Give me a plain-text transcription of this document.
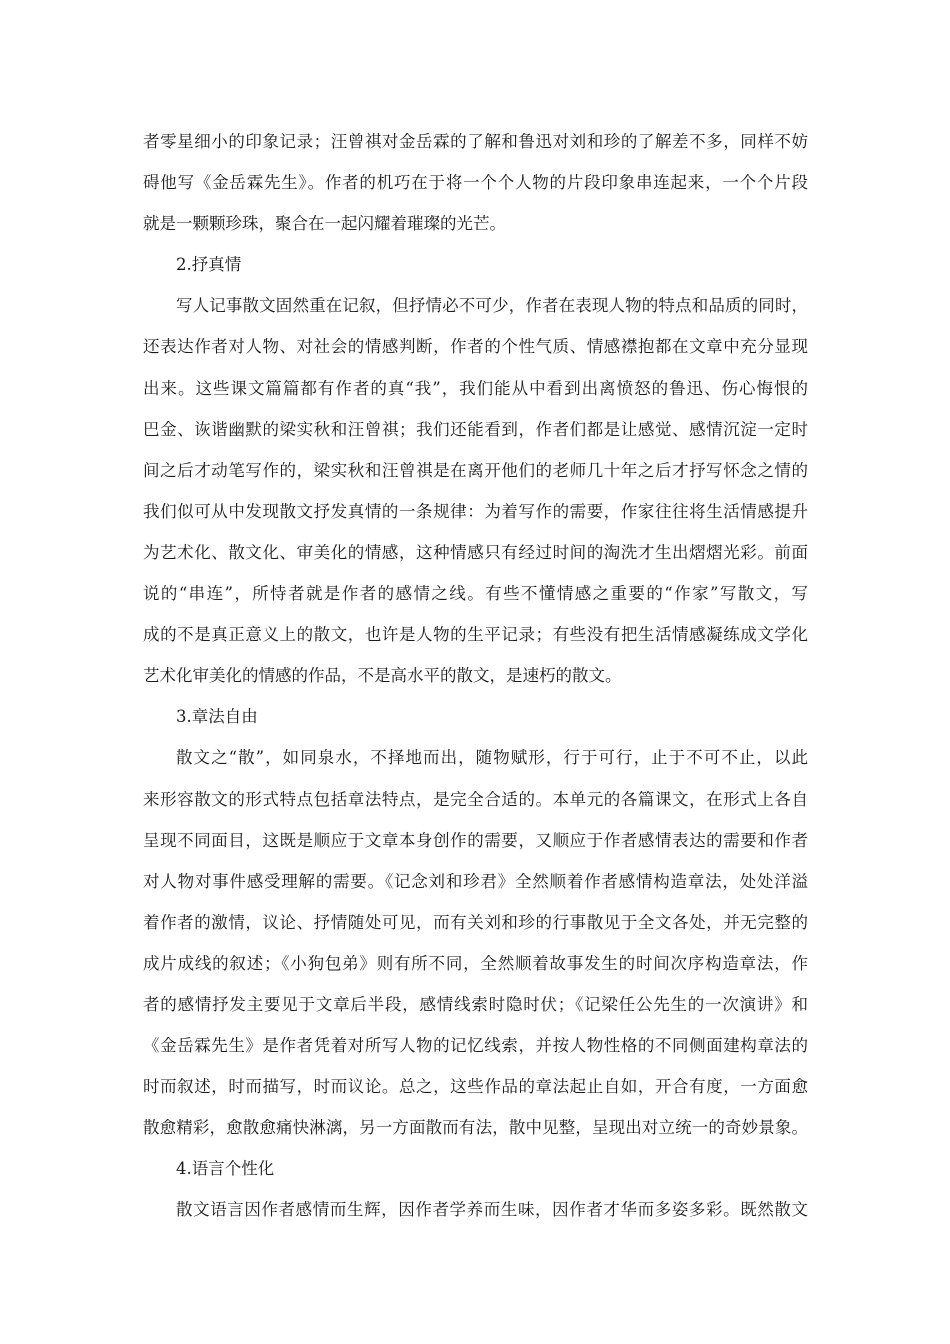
者零星细小的印象记录；汪曾祺对金岳霖的了解和鲁迅对刘和珍的了解差不多，同样不妨
碍他写《金岳霖先生》。作者的机巧在于将一个个人物的片段印象串连起来，一个个片段
就是一颗颗珍珠，聚合在一起闪耀着璀璨的光芒。
2.抒真情
写人记事散文固然重在记叙，但抒情必不可少，作者在表现人物的特点和品质的同时，
还表达作者对人物、对社会的情感判断，作者的个性气质、情感襟抱都在文章中充分显现
出来。这些课文篇篇都有作者的真“我”，我们能从中看到出离愤怒的鲁迅、伤心悔恨的
巴金、诙谐幽默的梁实秋和汪曾祺；我们还能看到，作者们都是让感觉、感情沉淀一定时
间之后才动笔写作的，梁实秋和汪曾祺是在离开他们的老师几十年之后才抒写怀念之情的
我们似可从中发现散文抒发真情的一条规律：为着写作的需要，作家往往将生活情感提升
为艺术化、散文化、审美化的情感，这种情感只有经过时间的淘洗才生出熠熠光彩。前面
说的“串连”，所恃者就是作者的感情之线。有些不懂情感之重要的“作家”写散文，写
成的不是真正意义上的散文，也许是人物的生平记录；有些没有把生活情感凝练成文学化
艺术化审美化的情感的作品，不是高水平的散文，是速朽的散文。
3.章法自由
散文之“散”，如同泉水，不择地而出，随物赋形，行于可行，止于不可不止，以此
来形容散文的形式特点包括章法特点，是完全合适的。本单元的各篇课文，在形式上各自
呈现不同面目，这既是顺应于文章本身创作的需要，又顺应于作者感情表达的需要和作者
对人物对事件感受理解的需要。《记念刘和珍君》全然顺着作者感情构造章法，处处洋溢
着作者的激情，议论、抒情随处可见，而有关刘和珍的行事散见于全文各处，并无完整的
成片成线的叙述；《小狗包弟》则有所不同，全然顺着故事发生的时间次序构造章法，作
者的感情抒发主要见于文章后半段，感情线索时隐时伏；《记梁任公先生的一次演讲》和
《金岳霖先生》是作者凭着对所写人物的记忆线索，并按人物性格的不同侧面建构章法的
时而叙述，时而描写，时而议论。总之，这些作品的章法起止自如，开合有度，一方面愈
散愈精彩，愈散愈痛快淋漓，另一方面散而有法，散中见整，呈现出对立统一的奇妙景象。
4.语言个性化
散文语言因作者感情而生辉，因作者学养而生味，因作者才华而多姿多彩。既然散文
